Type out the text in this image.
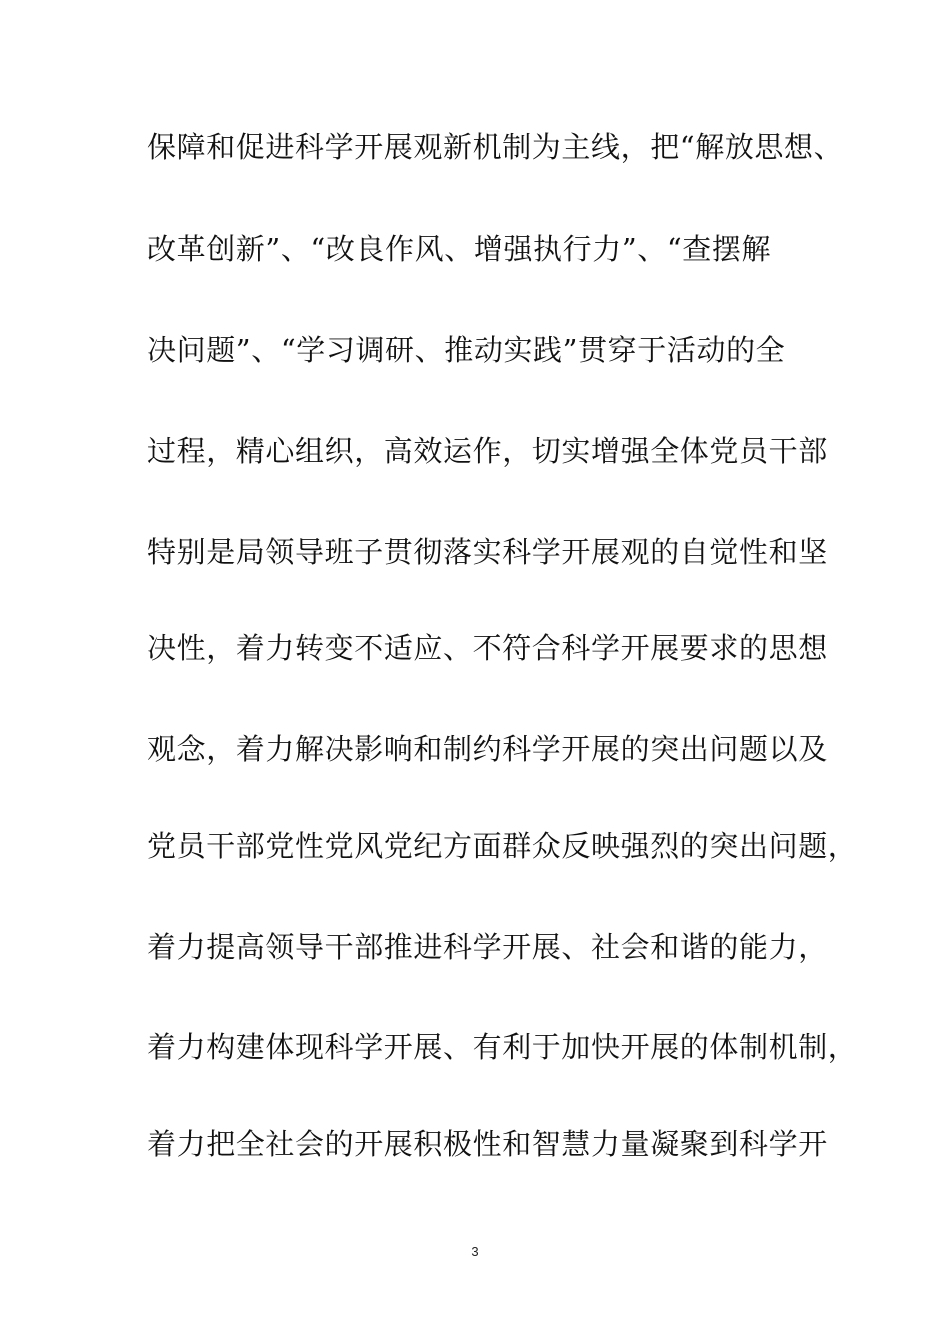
保障和促进科学开展观新机制为主线，把“解放思想、
改革创新”、“改良作风、增强执行力”、“查摆解
决问题”、“学习调研、推动实践”贯穿于活动的全
过程，精心组织，高效运作，切实增强全体党员干部
特别是局领导班子贯彻落实科学开展观的自觉性和坚
决性，着力转变不适应、不符合科学开展要求的思想
观念，着力解决影响和制约科学开展的突出问题以及
党员干部党性党风党纪方面群众反映强烈的突出问题，
着力提高领导干部推进科学开展、社会和谐的能力，
着力构建体现科学开展、有利于加快开展的体制机制，
着力把全社会的开展积极性和智慧力量凝聚到科学开
3
